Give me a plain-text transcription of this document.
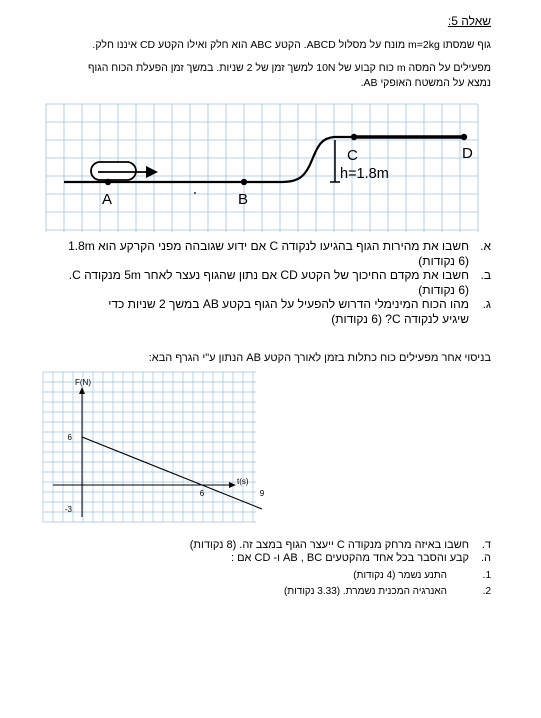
שאלה 5:
גוף שמסתו m=2kg מונח על מסלול ABCD. הקטע ABC הוא חלק ואילו הקטע CD איננו חלק.
מפעילים על המסה m כוח קבוע של 10N למשך זמן של 2 שניות. במשך זמן הפעלת הכוח הגוף
נמצא על המשטח האופקי AB.
A	B
C	D
h=1.8m
א.
חשבו את מהירות הגוף בהגיעו לנקודה C אם ידוע שגובהה מפני הקרקע הוא 1.8m
(6 נקודות)
ב.
חשבו את מקדם החיכוך של הקטע CD אם נתון שהגוף נעצר לאחר 5m מנקודה C.
(6 נקודות)
ג.
מהו הכוח המינימלי הדרוש להפעיל על הגוף בקטע AB במשך 2 שניות כדי
שיגיע לנקודה C? (6 נקודות)
בניסוי אחר מפעילים כוח כתלות בזמן לאורך הקטע AB הנתון ע"י הגרף הבא:
t(s)
F(N)
6
-3
6	9
ד.
חשבו באיזה מרחק מנקודה C ייעצר הגוף במצב זה. (8 נקודות)
ה.
קבע והסבר בכל אחד מהקטעים AB , BC ו- CD אם :
1.
התנע נשמר (4 נקודות)
2.
האנרגיה המכנית נשמרת. (3.33 נקודות)
